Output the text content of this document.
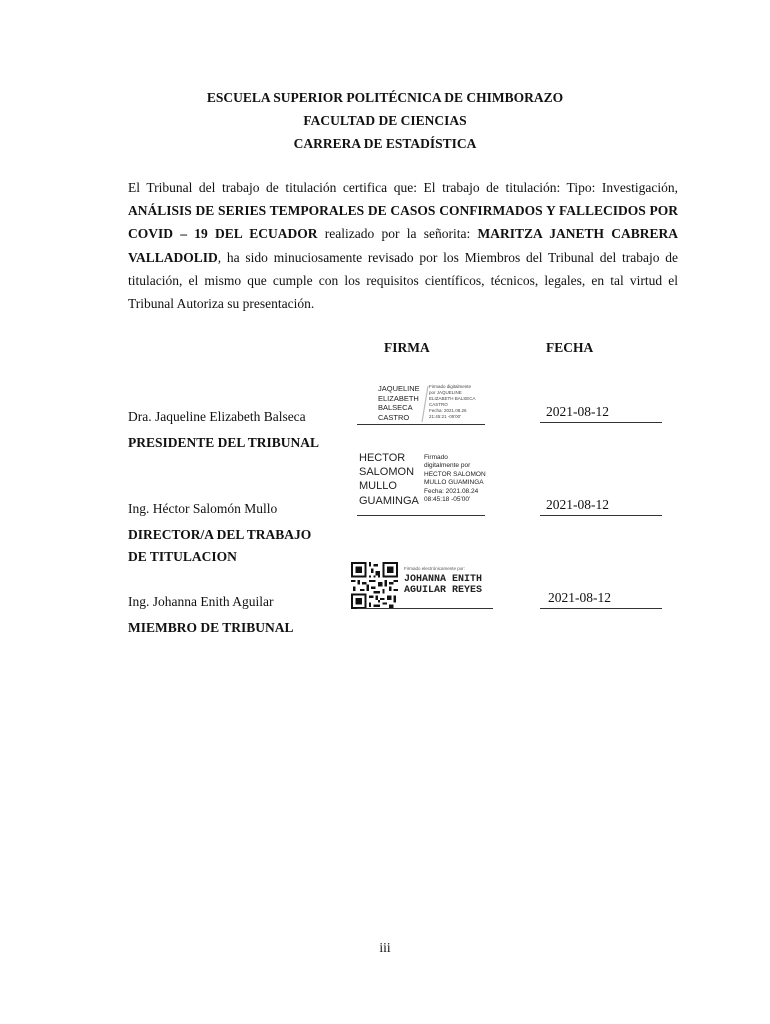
ESCUELA SUPERIOR POLITÉCNICA DE CHIMBORAZO
FACULTAD DE CIENCIAS
CARRERA DE ESTADÍSTICA
El Tribunal del trabajo de titulación certifica que: El trabajo de titulación: Tipo: Investigación, ANÁLISIS DE SERIES TEMPORALES DE CASOS CONFIRMADOS Y FALLECIDOS POR COVID – 19 DEL ECUADOR realizado por la señorita: MARITZA JANETH CABRERA VALLADOLID, ha sido minuciosamente revisado por los Miembros del Tribunal del trabajo de titulación, el mismo que cumple con los requisitos científicos, técnicos, legales, en tal virtud el Tribunal Autoriza su presentación.
FIRMA	FECHA
JAQUELINE
ELIZABETH
BALSECA
CASTRO
Firmado digitalmente
por JAQUELINE
ELIZABETH BALSECA
CASTRO
Fecha: 2021.08.26
21:45:21 -05'00'
Dra. Jaqueline Elizabeth Balseca	2021-08-12
PRESIDENTE DEL TRIBUNAL
HECTOR
SALOMON
MULLO
GUAMINGA
Firmado
digitalmente por
HECTOR SALOMON
MULLO GUAMINGA
Fecha: 2021.08.24
08:45:18 -05'00'
Ing. Héctor Salomón Mullo	2021-08-12
DIRECTOR/A DEL TRABAJO
DE TITULACION
Firmado electrónicamente por:
JOHANNA ENITH
AGUILAR REYES
Ing. Johanna Enith Aguilar	2021-08-12
MIEMBRO DE TRIBUNAL
iii
